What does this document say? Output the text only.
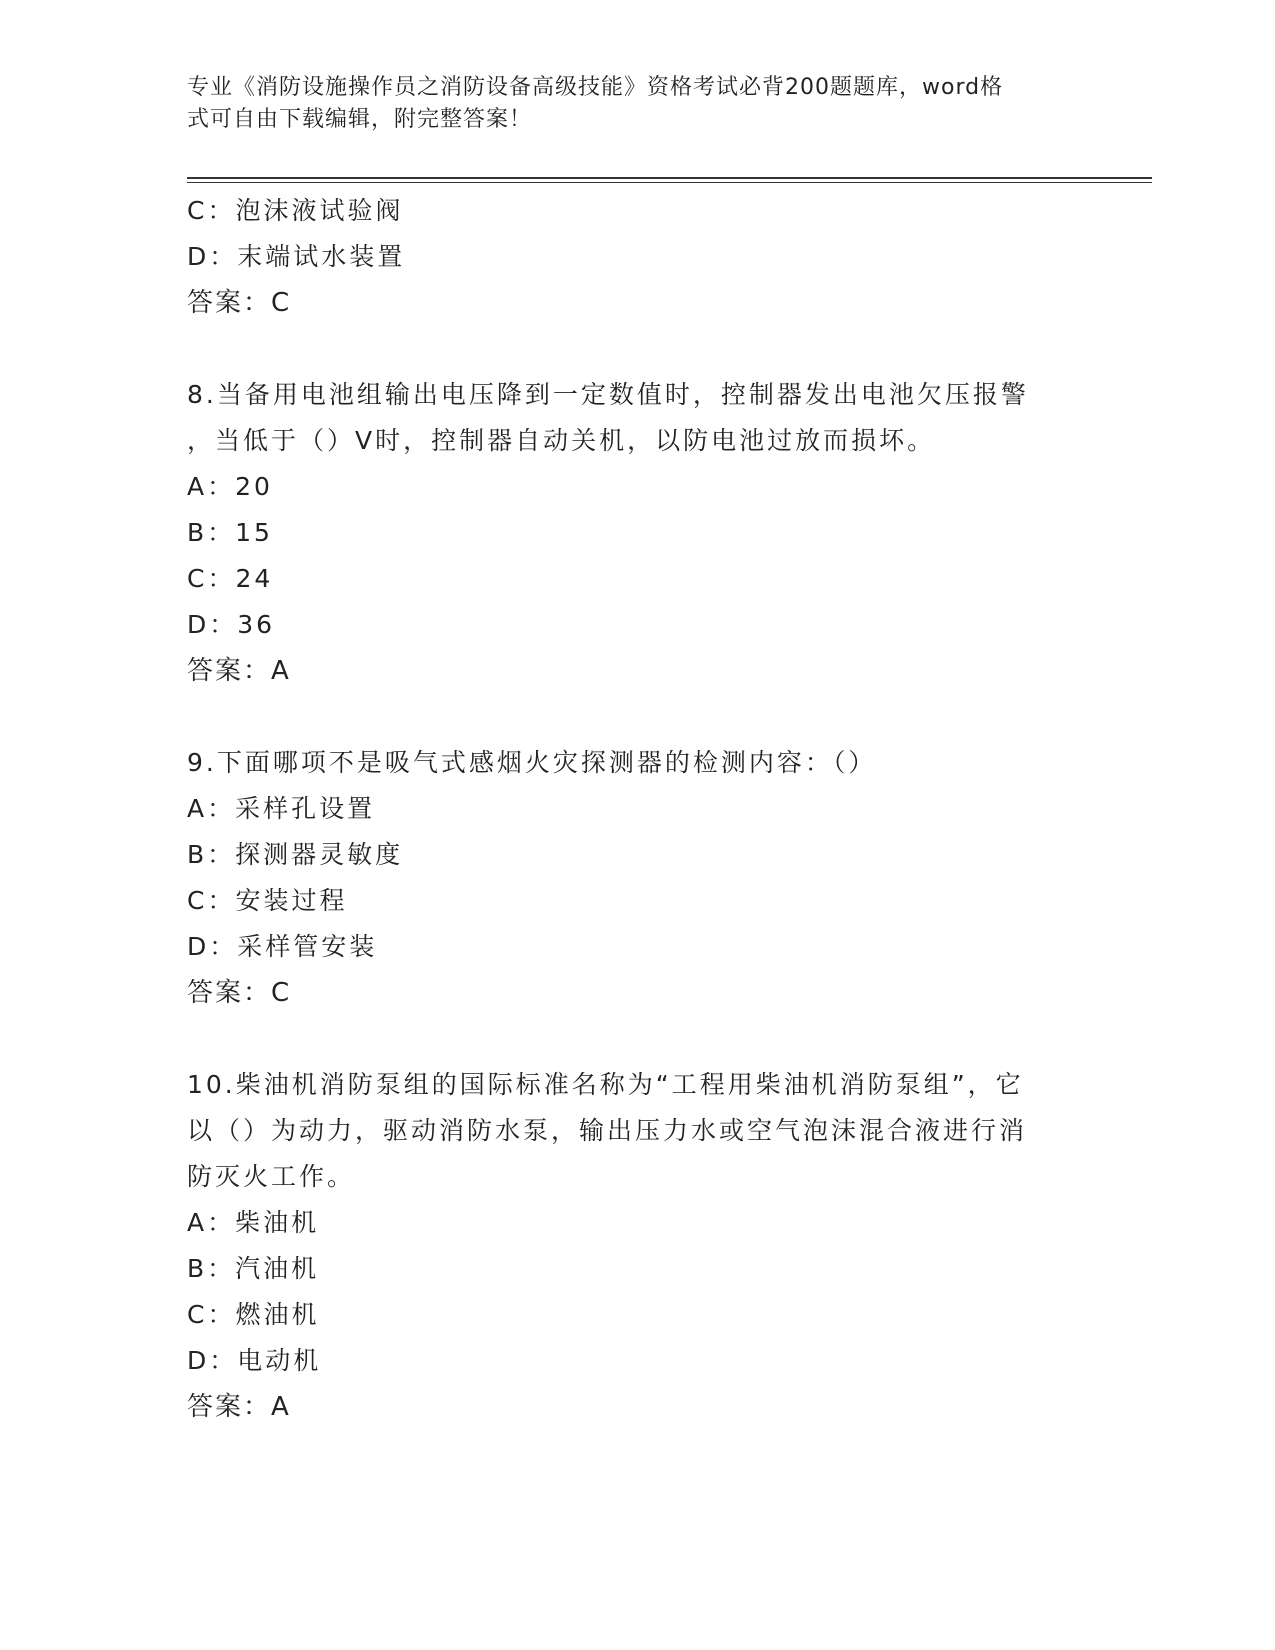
专业《消防设施操作员之消防设备高级技能》资格考试必背200题题库，word格
式可自由下载编辑，附完整答案！

C：泡沫液试验阀

D：末端试水装置

答案：C

8.当备用电池组输出电压降到一定数值时，控制器发出电池欠压报警

，当低于（）V时，控制器自动关机，以防电池过放而损坏。

A：20

B：15

C：24

D：36

答案：A

9.下面哪项不是吸气式感烟火灾探测器的检测内容：（）

A：采样孔设置

B：探测器灵敏度

C：安装过程

D：采样管安装

答案：C

10.柴油机消防泵组的国际标准名称为“工程用柴油机消防泵组”，它

以（）为动力，驱动消防水泵，输出压力水或空气泡沫混合液进行消

防灭火工作。

A：柴油机

B：汽油机

C：燃油机

D：电动机

答案：A
